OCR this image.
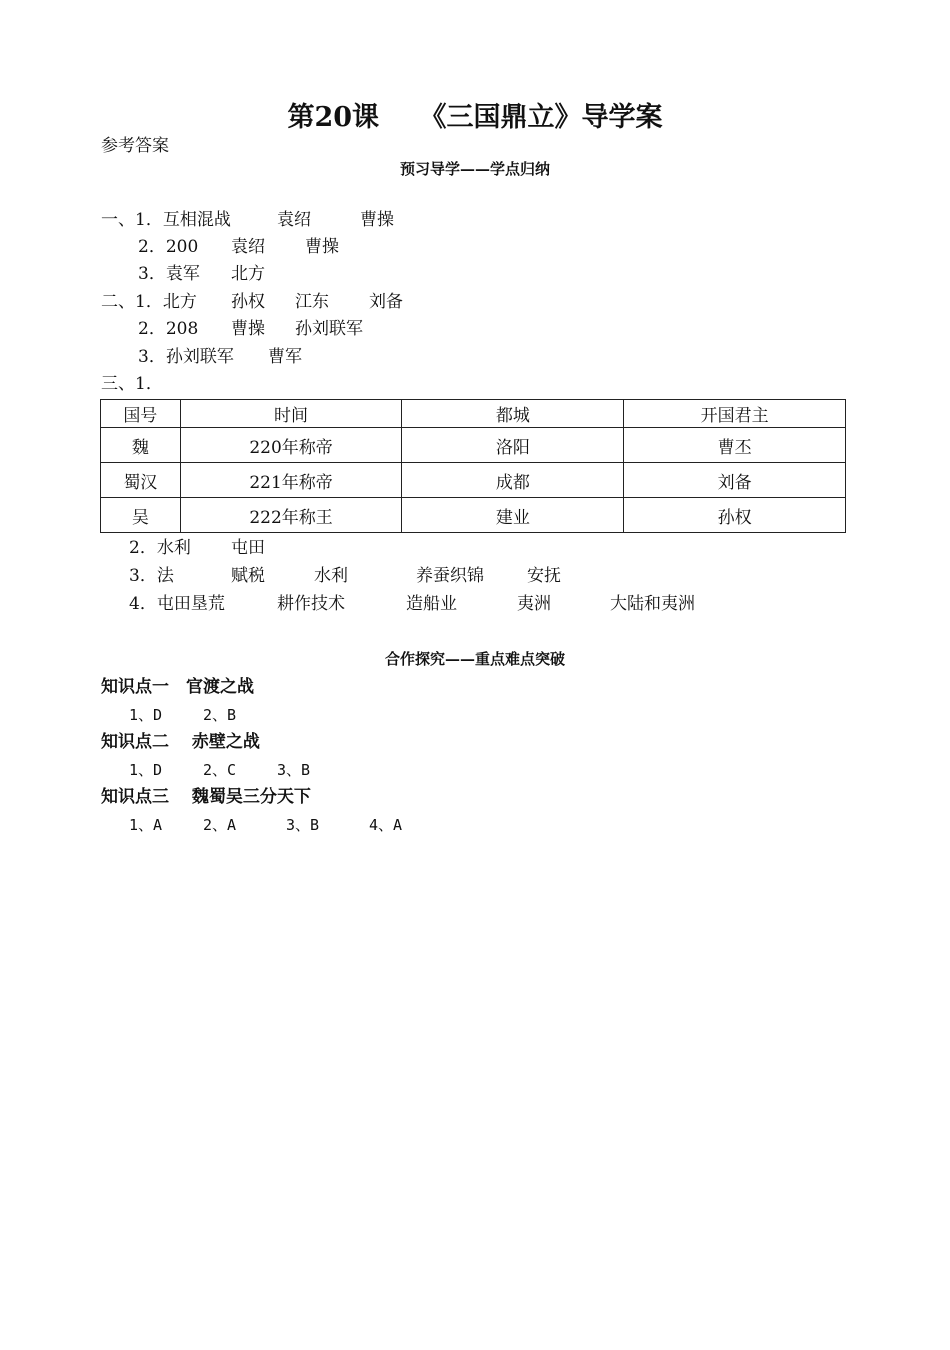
第20课　　《三国鼎立》导学案
参考答案
预习导学——学点归纳

一、1．互相混战

	袁绍

	曹操

2．200

袁绍

曹操

3．袁军

北方

二、1．北方

孙权

江东

刘备

2．208

曹操

孙刘联军

3．孙刘联军

曹军

三、1．

国号	时间	都城	开国君主
魏	220年称帝	洛阳	曹丕
蜀汉	221年称帝	成都	刘备
吴	222年称王	建业	孙权

2．水利

屯田

3．法

	赋税

	水利

	养蚕织锦

	安抚

4．屯田垦荒

	耕作技术

	造船业

	夷洲

	大陆和夷洲

合作探究——重点难点突破
知识点一　官渡之战

1、D

	2、B

知识点二　 赤壁之战

1、D

	2、C

	3、B

知识点三　 魏蜀吴三分天下

1、A

	2、A

	3、B

	4、A
